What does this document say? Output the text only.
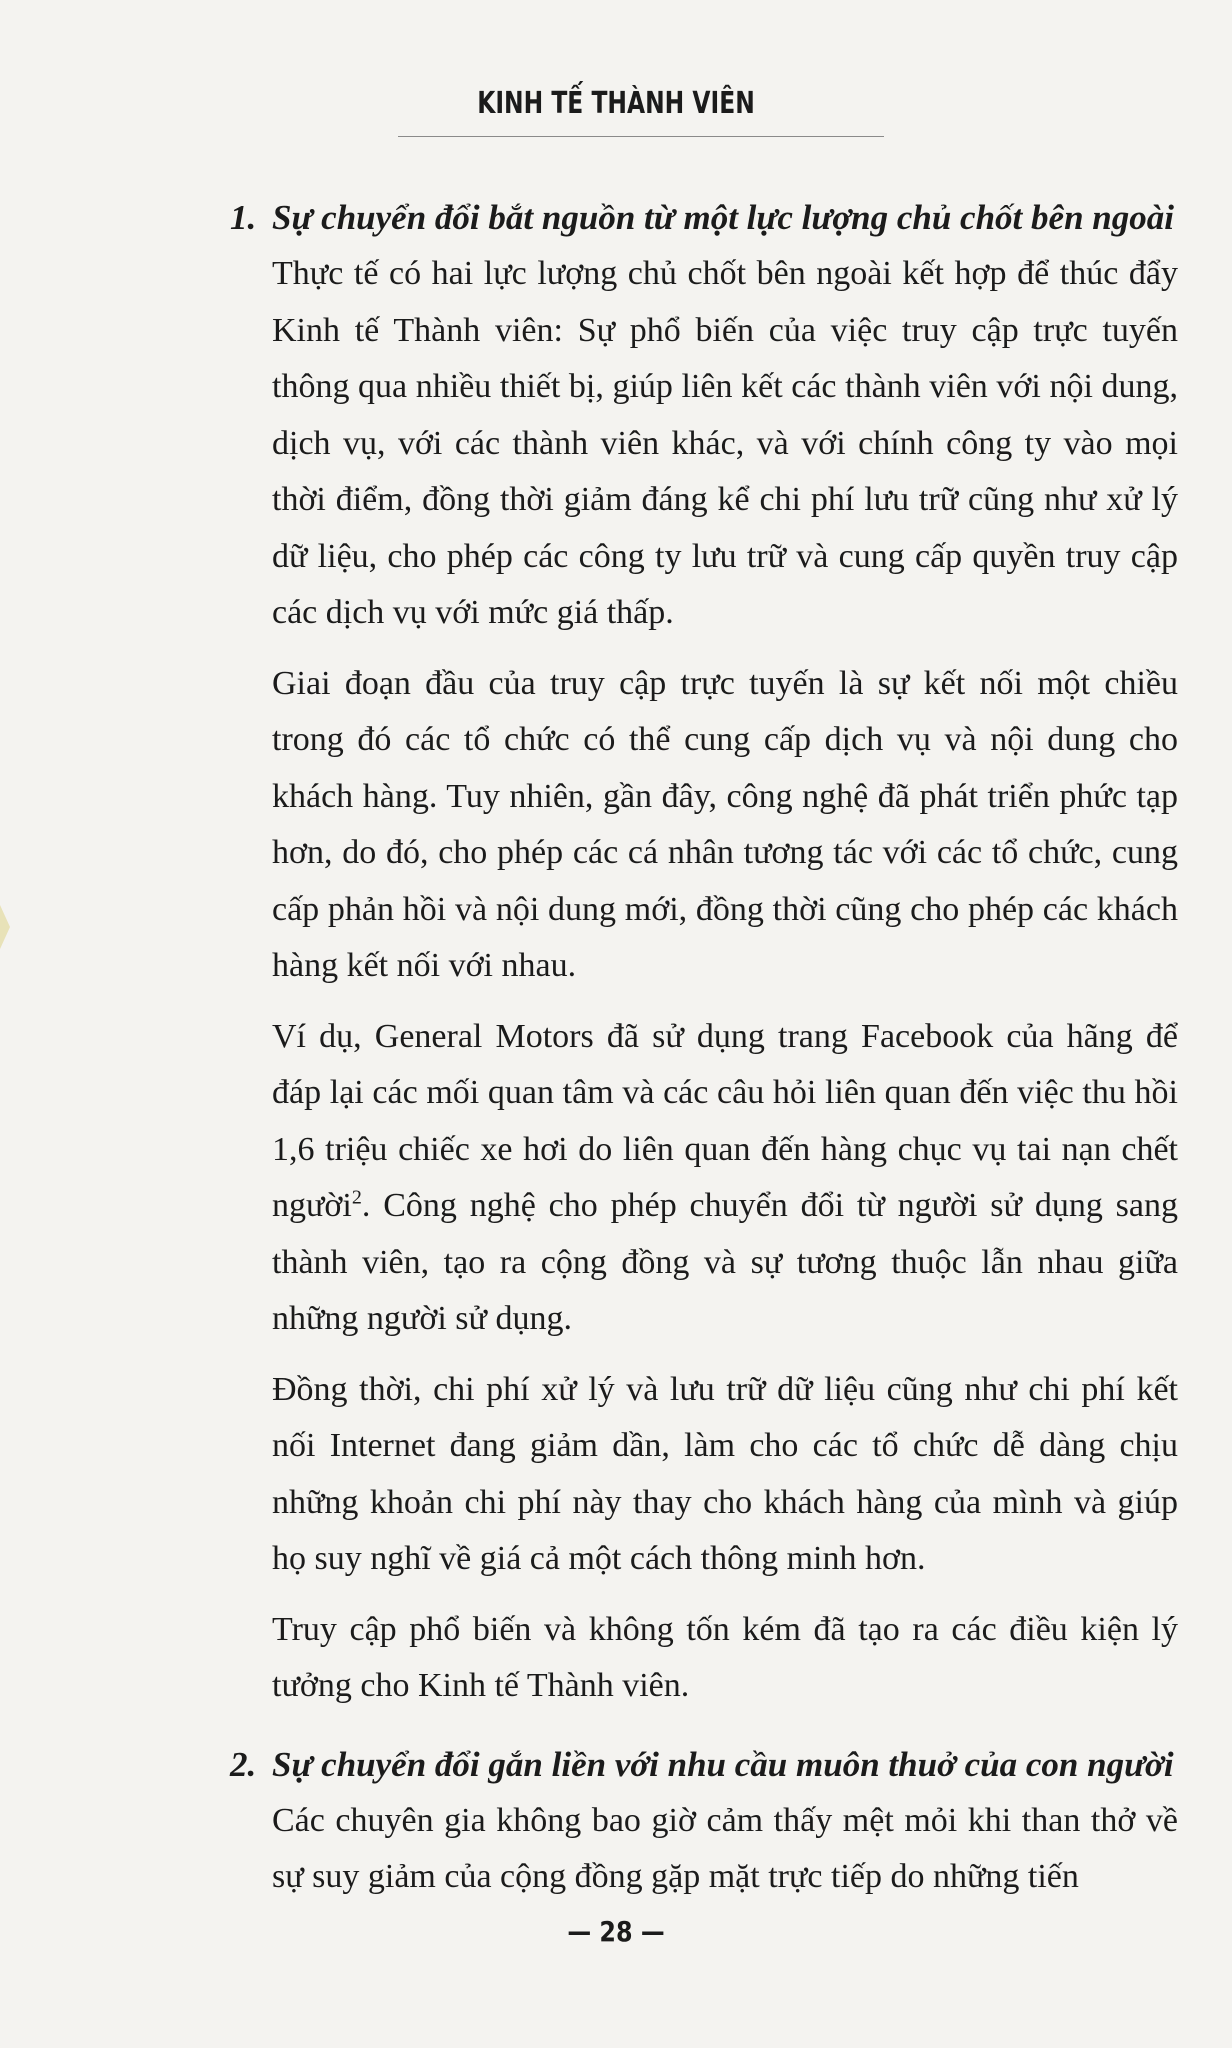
KINH TẾ THÀNH VIÊN
1. Sự chuyển đổi bắt nguồn từ một lực lượng chủ chốt bên ngoài

Thực tế có hai lực lượng chủ chốt bên ngoài kết hợp để thúc đẩy Kinh tế Thành viên: Sự phổ biến của việc truy cập trực tuyến thông qua nhiều thiết bị, giúp liên kết các thành viên với nội dung, dịch vụ, với các thành viên khác, và với chính công ty vào mọi thời điểm, đồng thời giảm đáng kể chi phí lưu trữ cũng như xử lý dữ liệu, cho phép các công ty lưu trữ và cung cấp quyền truy cập các dịch vụ với mức giá thấp.

Giai đoạn đầu của truy cập trực tuyến là sự kết nối một chiều trong đó các tổ chức có thể cung cấp dịch vụ và nội dung cho khách hàng. Tuy nhiên, gần đây, công nghệ đã phát triển phức tạp hơn, do đó, cho phép các cá nhân tương tác với các tổ chức, cung cấp phản hồi và nội dung mới, đồng thời cũng cho phép các khách hàng kết nối với nhau.

Ví dụ, General Motors đã sử dụng trang Facebook của hãng để đáp lại các mối quan tâm và các câu hỏi liên quan đến việc thu hồi 1,6 triệu chiếc xe hơi do liên quan đến hàng chục vụ tai nạn chết người$^2$. Công nghệ cho phép chuyển đổi từ người sử dụng sang thành viên, tạo ra cộng đồng và sự tương thuộc lẫn nhau giữa những người sử dụng.

Đồng thời, chi phí xử lý và lưu trữ dữ liệu cũng như chi phí kết nối Internet đang giảm dần, làm cho các tổ chức dễ dàng chịu những khoản chi phí này thay cho khách hàng của mình và giúp họ suy nghĩ về giá cả một cách thông minh hơn.

Truy cập phổ biến và không tốn kém đã tạo ra các điều kiện lý tưởng cho Kinh tế Thành viên.

2. Sự chuyển đổi gắn liền với nhu cầu muôn thuở của con người

Các chuyên gia không bao giờ cảm thấy mệt mỏi khi than thở về sự suy giảm của cộng đồng gặp mặt trực tiếp do những tiến

— 28 —
